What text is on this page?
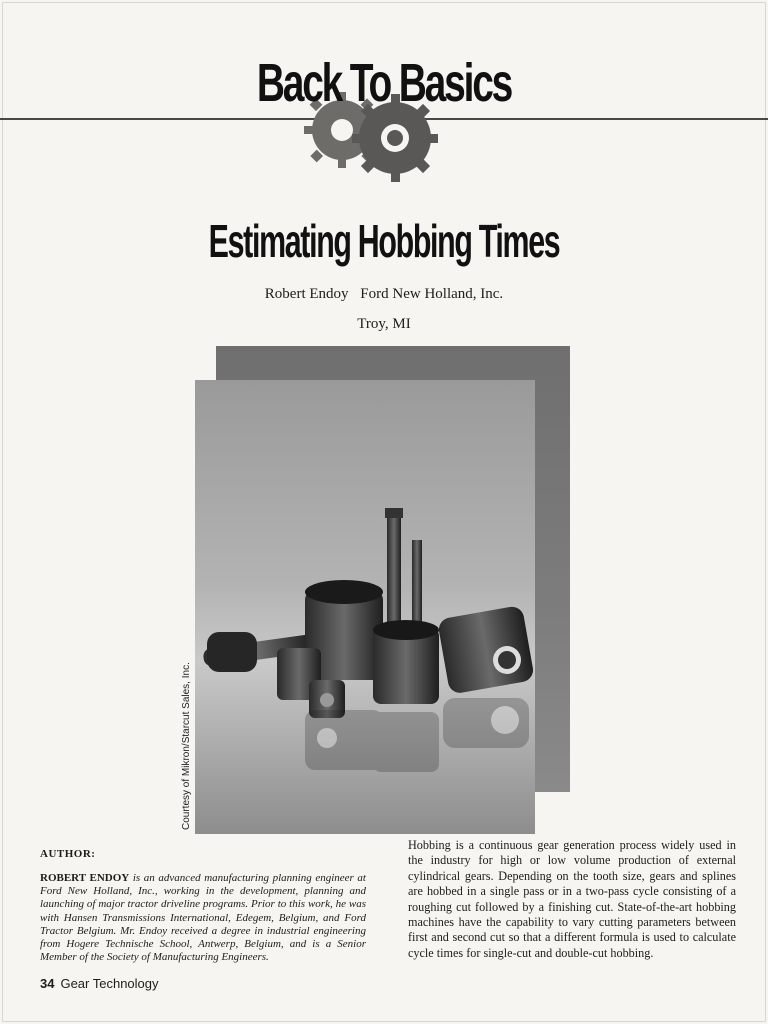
Back To Basics
Estimating Hobbing Times
Robert Endoy Ford New Holland, Inc.
Troy, MI
Courtesy of Mikron/Starcut Sales, Inc.
AUTHOR:
ROBERT ENDOY is an advanced manufacturing planning engineer at Ford New Holland, Inc., working in the development, planning and launching of major tractor driveline programs. Prior to this work, he was with Hansen Transmissions International, Edegem, Belgium, and Ford Tractor Belgium. Mr. Endoy received a degree in industrial engineering from Hogere Technische School, Antwerp, Belgium, and is a Senior Member of the Society of Manufacturing Engineers.
Hobbing is a continuous gear generation process widely used in the industry for high or low volume production of external cylindrical gears. Depending on the tooth size, gears and splines are hobbed in a single pass or in a two-pass cycle consisting of a roughing cut followed by a finishing cut. State-of-the-art hobbing machines have the capability to vary cutting parameters between first and second cut so that a different formula is used to calculate cycle times for single-cut and double-cut hobbing.
34 Gear Technology
